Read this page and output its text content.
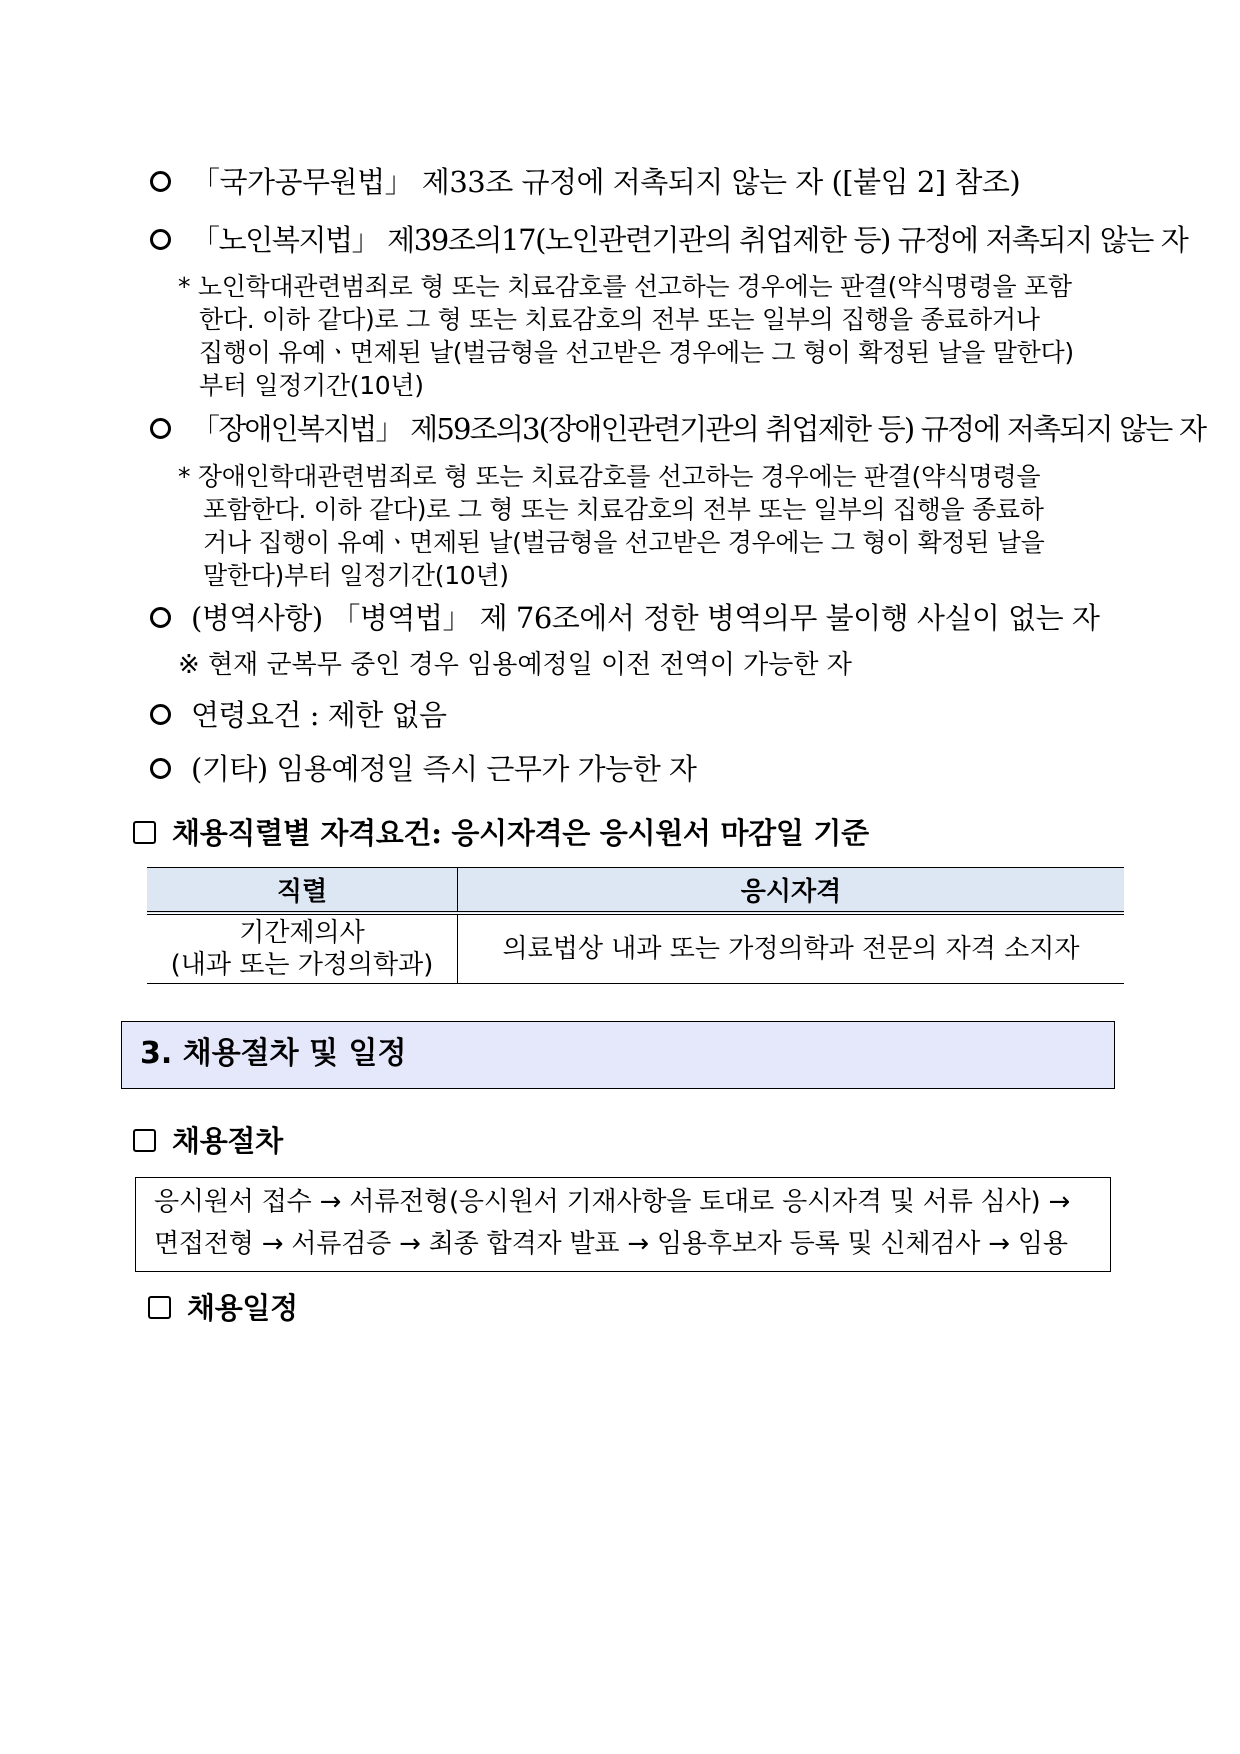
「국가공무원법」 제33조 규정에 저촉되지 않는 자 ([붙임 2] 참조)
「노인복지법」 제39조의17(노인관련기관의 취업제한 등) 규정에 저촉되지 않는 자
* 노인학대관련범죄로 형 또는 치료감호를 선고하는 경우에는 판결(약식명령을 포함
한다. 이하 같다)로 그 형 또는 치료감호의 전부 또는 일부의 집행을 종료하거나
집행이 유예ㆍ면제된 날(벌금형을 선고받은 경우에는 그 형이 확정된 날을 말한다)
부터 일정기간(10년)
「장애인복지법」 제59조의3(장애인관련기관의 취업제한 등) 규정에 저촉되지 않는 자
* 장애인학대관련범죄로 형 또는 치료감호를 선고하는 경우에는 판결(약식명령을
포함한다. 이하 같다)로 그 형 또는 치료감호의 전부 또는 일부의 집행을 종료하
거나 집행이 유예ㆍ면제된 날(벌금형을 선고받은 경우에는 그 형이 확정된 날을
말한다)부터 일정기간(10년)
(병역사항) 「병역법」 제 76조에서 정한 병역의무 불이행 사실이 없는 자
※ 현재 군복무 중인 경우 임용예정일 이전 전역이 가능한 자
연령요건 : 제한 없음
(기타) 임용예정일 즉시 근무가 가능한 자
채용직렬별 자격요건: 응시자격은 응시원서 마감일 기준
직렬	응시자격

기간제의사
(내과 또는 가정의학과)	의료법상 내과 또는 가정의학과 전문의 자격 소지자
3. 채용절차 및 일정
채용절차
응시원서 접수 → 서류전형(응시원서 기재사항을 토대로 응시자격 및 서류 심사) →
면접전형 → 서류검증 → 최종 합격자 발표 → 임용후보자 등록 및 신체검사 → 임용
채용일정
